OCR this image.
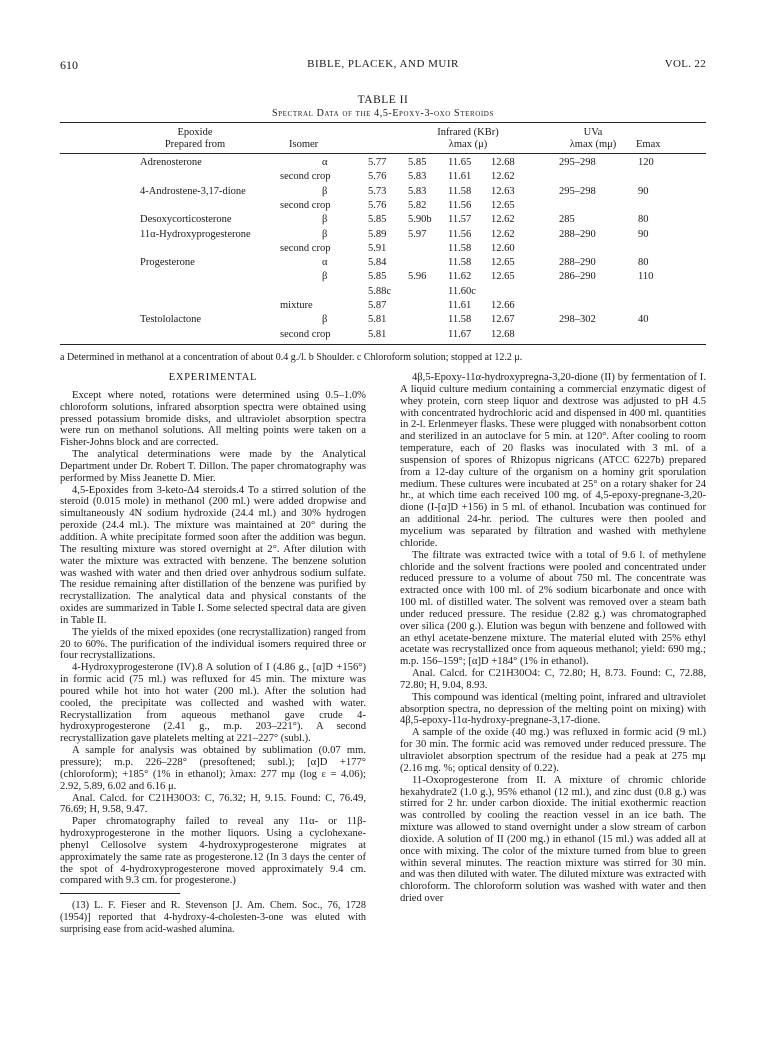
610	BIBLE, PLACEK, AND MUIR	VOL. 22
TABLE II
Spectral Data of the 4,5-Epoxy-3-oxo Steroids
Epoxide
Prepared from	Isomer
Infrared (KBr)
λmax (μ)
UVa
λmax (mμ)	Emax
Adrenosterone	α	5.77 5.85 11.65 12.68	295–298	120
second crop	5.76 5.83 11.61 12.62
4-Androstene-3,17-dione	β	5.73 5.83 11.58 12.63	295–298	90
second crop	5.76 5.82 11.56 12.65
Desoxycorticosterone	β	5.85 5.90b 11.57 12.62	285	80
11α-Hydroxyprogesterone	β	5.89 5.97 11.56 12.62	288–290	90
second crop	5.91	11.58 12.60
Progesterone	α	5.84	11.58 12.65	288–290	80
β	5.85 5.96 11.62 12.65	286–290	110
5.88c	11.60c
mixture	5.87	11.61 12.66
Testololactone	β	5.81	11.58 12.67	298–302	40
second crop	5.81	11.67 12.68
a Determined in methanol at a concentration of about 0.4 g./l. b Shoulder. c Chloroform solution; stopped at 12.2 μ.

EXPERIMENTAL

Except where noted, rotations were determined using 0.5–1.0% chloroform solutions, infrared absorption spectra were obtained using pressed potassium bromide disks, and ultraviolet absorption spectra were run on methanol solutions. All melting points were taken on a Fisher-Johns block and are corrected.

The analytical determinations were made by the Analytical Department under Dr. Robert T. Dillon. The paper chromatography was performed by Miss Jeanette D. Mier.

4,5-Epoxides from 3-keto-Δ4 steroids.4 To a stirred solution of the steroid (0.015 mole) in methanol (200 ml.) were added dropwise and simultaneously 4N sodium hydroxide (24.4 ml.) and 30% hydrogen peroxide (24.4 ml.). The mixture was maintained at 20° during the addition. A white precipitate formed soon after the addition was begun. The resulting mixture was stored overnight at 2°. After dilution with water the mixture was extracted with benzene. The benzene solution was washed with water and then dried over anhydrous sodium sulfate. The residue remaining after distillation of the benzene was purified by recrystallization. The analytical data and physical constants of the oxides are summarized in Table I. Some selected spectral data are given in Table II.

The yields of the mixed epoxides (one recrystallization) ranged from 20 to 60%. The purification of the individual isomers required three or four recrystallizations.

4-Hydroxyprogesterone (IV).8 A solution of I (4.86 g., [α]D +156°) in formic acid (75 ml.) was refluxed for 45 min. The mixture was poured while hot into hot water (200 ml.). After the solution had cooled, the precipitate was collected and washed with water. Recrystallization from aqueous methanol gave crude 4-hydroxyprogesterone (2.41 g., m.p. 203–221°). A second recrystallization gave platelets melting at 221–227° (subl.).

A sample for analysis was obtained by sublimation (0.07 mm. pressure); m.p. 226–228° (presoftened; subl.); [α]D +177° (chloroform); +185° (1% in ethanol); λmax: 277 mμ (log ε = 4.06); 2.92, 5.89, 6.02 and 6.16 μ.

Anal. Calcd. for C21H30O3: C, 76.32; H, 9.15. Found: C, 76.49, 76.69; H, 9.58, 9.47.

Paper chromatography failed to reveal any 11α- or 11β-hydroxyprogesterone in the mother liquors. Using a cyclohexane-phenyl Cellosolve system 4-hydroxyprogesterone migrates at approximately the same rate as progesterone.12 (In 3 days the center of the spot of 4-hydroxyprogesterone moved approximately 9.4 cm. compared with 9.3 cm. for progesterone.)

(13) L. F. Fieser and R. Stevenson [J. Am. Chem. Soc., 76, 1728 (1954)] reported that 4-hydroxy-4-cholesten-3-one was eluted with surprising ease from acid-washed alumina.

4β,5-Epoxy-11α-hydroxypregna-3,20-dione (II) by fermentation of I. A liquid culture medium containing a commercial enzymatic digest of whey protein, corn steep liquor and dextrose was adjusted to pH 4.5 with concentrated hydrochloric acid and dispensed in 400 ml. quantities in 2-l. Erlenmeyer flasks. These were plugged with nonabsorbent cotton and sterilized in an autoclave for 5 min. at 120°. After cooling to room temperature, each of 20 flasks was inoculated with 3 ml. of a suspension of spores of Rhizopus nigricans (ATCC 6227b) prepared from a 12-day culture of the organism on a hominy grit sporulation medium. These cultures were incubated at 25° on a rotary shaker for 24 hr., at which time each received 100 mg. of 4,5-epoxy-pregnane-3,20-dione (I-[α]D +156) in 5 ml. of ethanol. Incubation was continued for an additional 24-hr. period. The cultures were then pooled and mycelium was separated by filtration and washed with methylene chloride.

The filtrate was extracted twice with a total of 9.6 l. of methylene chloride and the solvent fractions were pooled and concentrated under reduced pressure to a volume of about 750 ml. The concentrate was extracted once with 100 ml. of 2% sodium bicarbonate and once with 100 ml. of distilled water. The solvent was removed over a steam bath under reduced pressure. The residue (2.82 g.) was chromatographed over silica (200 g.). Elution was begun with benzene and followed with an ethyl acetate-benzene mixture. The material eluted with 25% ethyl acetate was recrystallized once from aqueous methanol; yield: 690 mg.; m.p. 156–159°; [α]D +184° (1% in ethanol).

Anal. Calcd. for C21H30O4: C, 72.80; H, 8.73. Found: C, 72.88, 72.80; H, 9.04, 8.93.

This compound was identical (melting point, infrared and ultraviolet absorption spectra, no depression of the melting point on mixing) with 4β,5-epoxy-11α-hydroxy-pregnane-3,17-dione.

A sample of the oxide (40 mg.) was refluxed in formic acid (9 ml.) for 30 min. The formic acid was removed under reduced pressure. The ultraviolet absorption spectrum of the residue had a peak at 275 mμ (2.16 mg. %; optical density of 0.22).

11-Oxoprogesterone from II. A mixture of chromic chloride hexahydrate2 (1.0 g.), 95% ethanol (12 ml.), and zinc dust (0.8 g.) was stirred for 2 hr. under carbon dioxide. The initial exothermic reaction was controlled by cooling the reaction vessel in an ice bath. The mixture was allowed to stand overnight under a slow stream of carbon dioxide. A solution of II (200 mg.) in ethanol (15 ml.) was added all at once with mixing. The color of the mixture turned from blue to green within several minutes. The reaction mixture was stirred for 30 min. and was then diluted with water. The diluted mixture was extracted with chloroform. The chloroform solution was washed with water and then dried over
